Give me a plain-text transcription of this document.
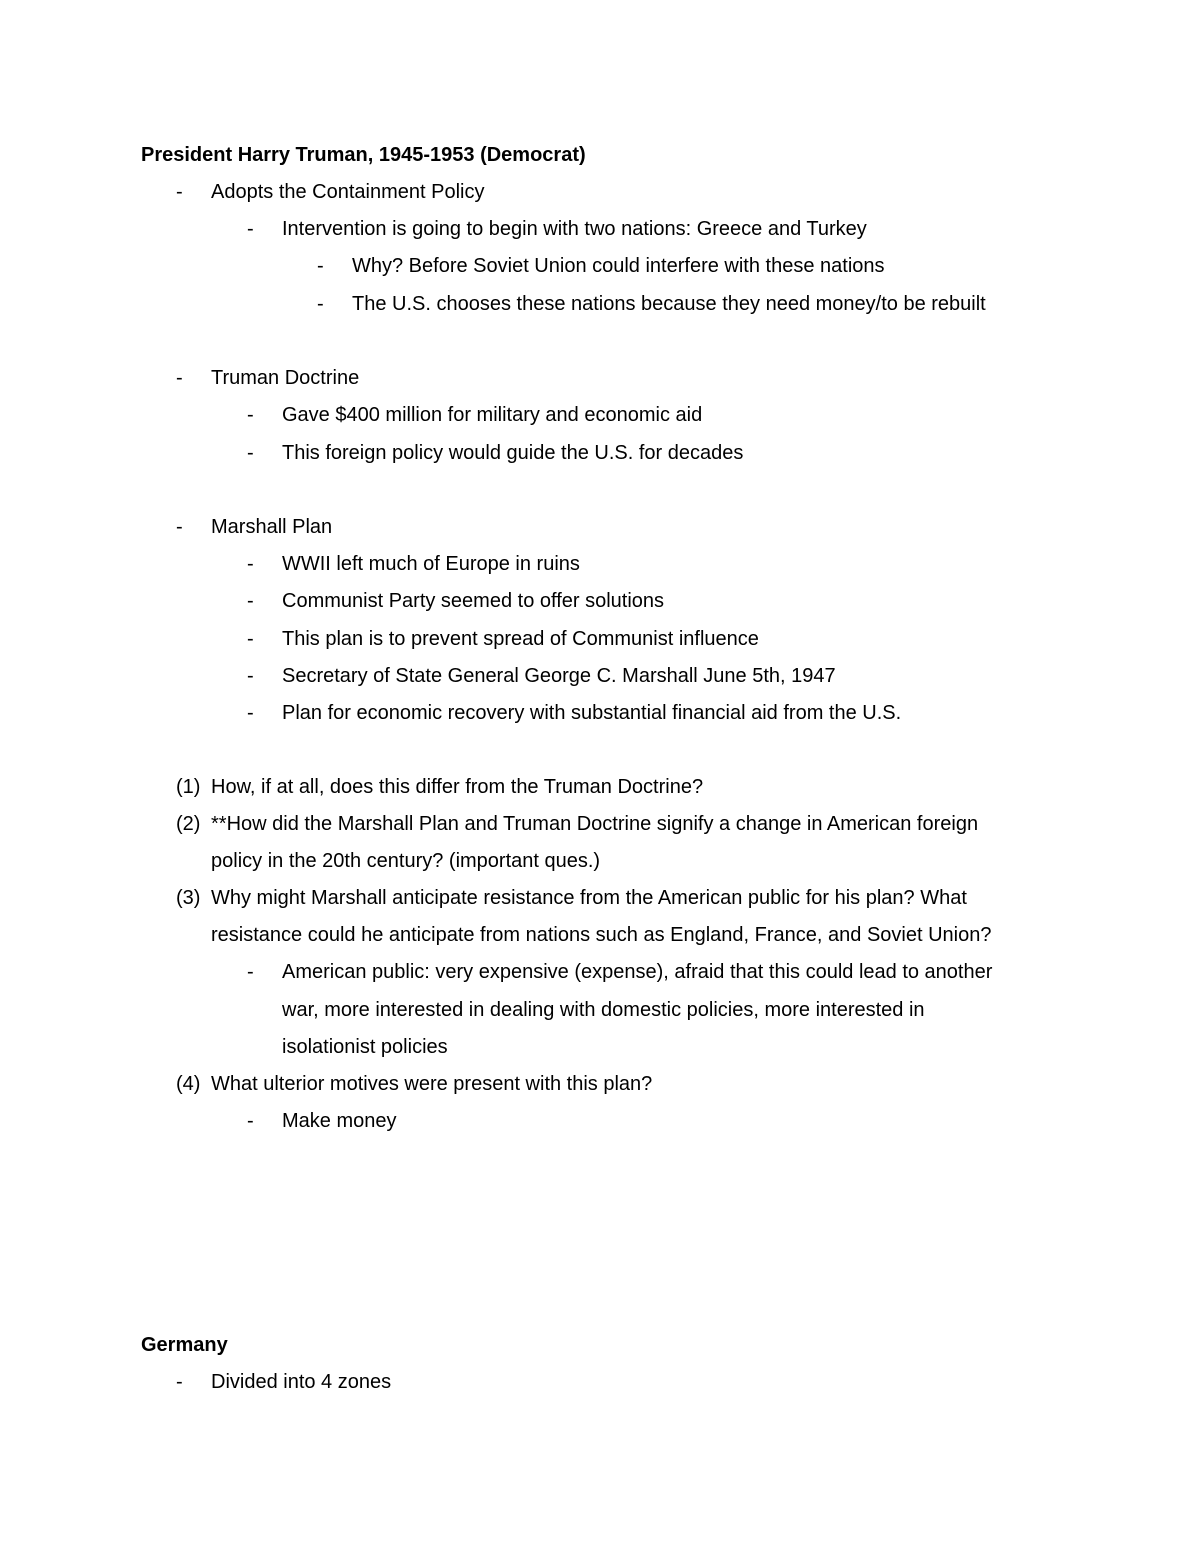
President Harry Truman, 1945-1953 (Democrat)
- Adopts the Containment Policy
- Intervention is going to begin with two nations: Greece and Turkey
- Why? Before Soviet Union could interfere with these nations
- The U.S. chooses these nations because they need money/to be rebuilt
- Truman Doctrine
- Gave $400 million for military and economic aid
- This foreign policy would guide the U.S. for decades
- Marshall Plan
- WWII left much of Europe in ruins
- Communist Party seemed to offer solutions
- This plan is to prevent spread of Communist influence
- Secretary of State General George C. Marshall June 5th, 1947
- Plan for economic recovery with substantial financial aid from the U.S.
(1) How, if at all, does this differ from the Truman Doctrine?
(2) **How did the Marshall Plan and Truman Doctrine signify a change in American foreign
policy in the 20th century? (important ques.)
(3) Why might Marshall anticipate resistance from the American public for his plan? What
resistance could he anticipate from nations such as England, France, and Soviet Union?
- American public: very expensive (expense), afraid that this could lead to another
war, more interested in dealing with domestic policies, more interested in
isolationist policies
(4) What ulterior motives were present with this plan?
- Make money
Germany
- Divided into 4 zones
